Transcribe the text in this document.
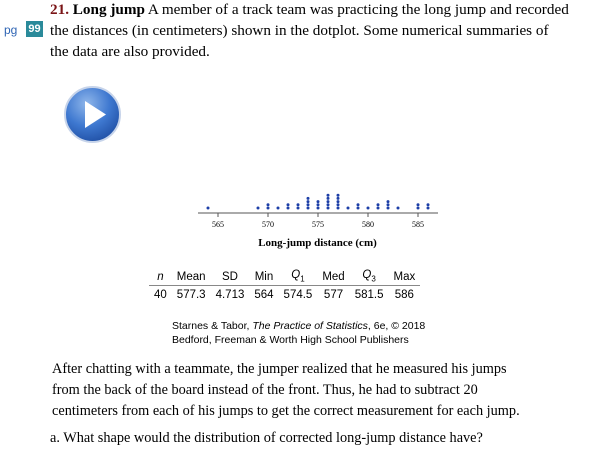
21. Long jump A member of a track team was practicing the long jump and recorded
pg 99 the distances (in centimeters) shown in the dotplot. Some numerical summaries of
the data are also provided.
565	570	575	580	585
Long-jump distance (cm)
n	Mean	SD	Min	$Q_1$	Med	$Q_3$	Max
40	577.3	4.713	564	574.5	577	581.5	586
Starnes & Tabor, The Practice of Statistics, 6e, © 2018
Bedford, Freeman & Worth High School Publishers
After chatting with a teammate, the jumper realized that he measured his jumps
from the back of the board instead of the front. Thus, he had to subtract 20
centimeters from each of his jumps to get the correct measurement for each jump.
a. What shape would the distribution of corrected long-jump distance have?
